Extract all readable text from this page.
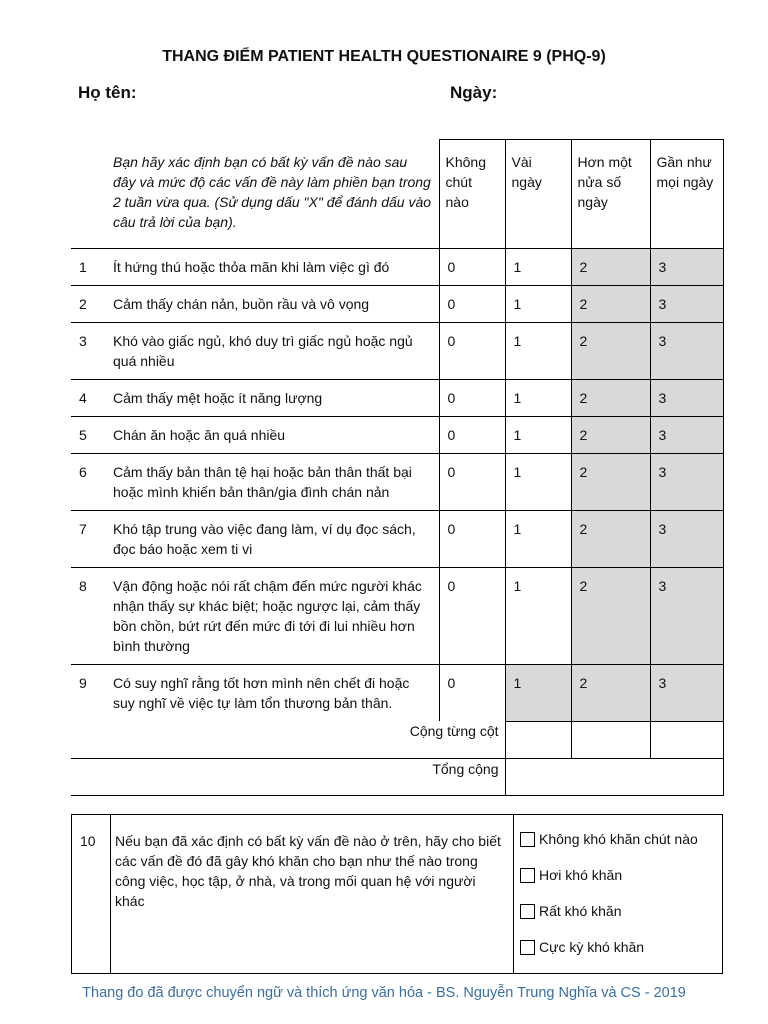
THANG ĐIỂM PATIENT HEALTH QUESTIONAIRE 9 (PHQ-9)
Họ tên:	Ngày:
	Bạn hãy xác định bạn có bất kỳ vấn đề nào sau đây và mức độ các vấn đề này làm phiền bạn trong 2 tuần vừa qua. (Sử dụng dấu "X" để đánh dấu vào câu trả lời của bạn).	Không chút nào	Vài ngày	Hơn một nửa số ngày	Gần như mọi ngày
1	Ít hứng thú hoặc thỏa mãn khi làm việc gì đó	0	1	2	3
2	Cảm thấy chán nản, buồn rầu và vô vọng	0	1	2	3
3	Khó vào giấc ngủ, khó duy trì giấc ngủ hoặc ngủ quá nhiều	0	1	2	3
4	Cảm thấy mệt hoặc ít năng lượng	0	1	2	3
5	Chán ăn hoặc ăn quá nhiều	0	1	2	3
6	Cảm thấy bản thân tệ hại hoặc bản thân thất bại hoặc mình khiến bản thân/gia đình chán nản	0	1	2	3
7	Khó tập trung vào việc đang làm, ví dụ đọc sách, đọc báo hoặc xem ti vi	0	1	2	3
8	Vận động hoặc nói rất chậm đến mức người khác nhận thấy sự khác biệt; hoặc ngược lại, cảm thấy bồn chồn, bứt rứt đến mức đi tới đi lui nhiều hơn bình thường	0	1	2	3
9	Có suy nghĩ rằng tốt hơn mình nên chết đi hoặc suy nghĩ về việc tự làm tổn thương bản thân.	0	1	2	3
Cộng từng cột					
Tổng cộng					
10	Nếu bạn đã xác định có bất kỳ vấn đề nào ở trên, hãy cho biết các vấn đề đó đã gây khó khăn cho bạn như thế nào trong công việc, học tập, ở nhà, và trong mối quan hệ với người khác	
Không khó khăn chút nào
Hơi khó khăn
Rất khó khăn
Cực kỳ khó khăn
Thang đo đã được chuyển ngữ và thích ứng văn hóa - BS. Nguyễn Trung Nghĩa và CS - 2019
